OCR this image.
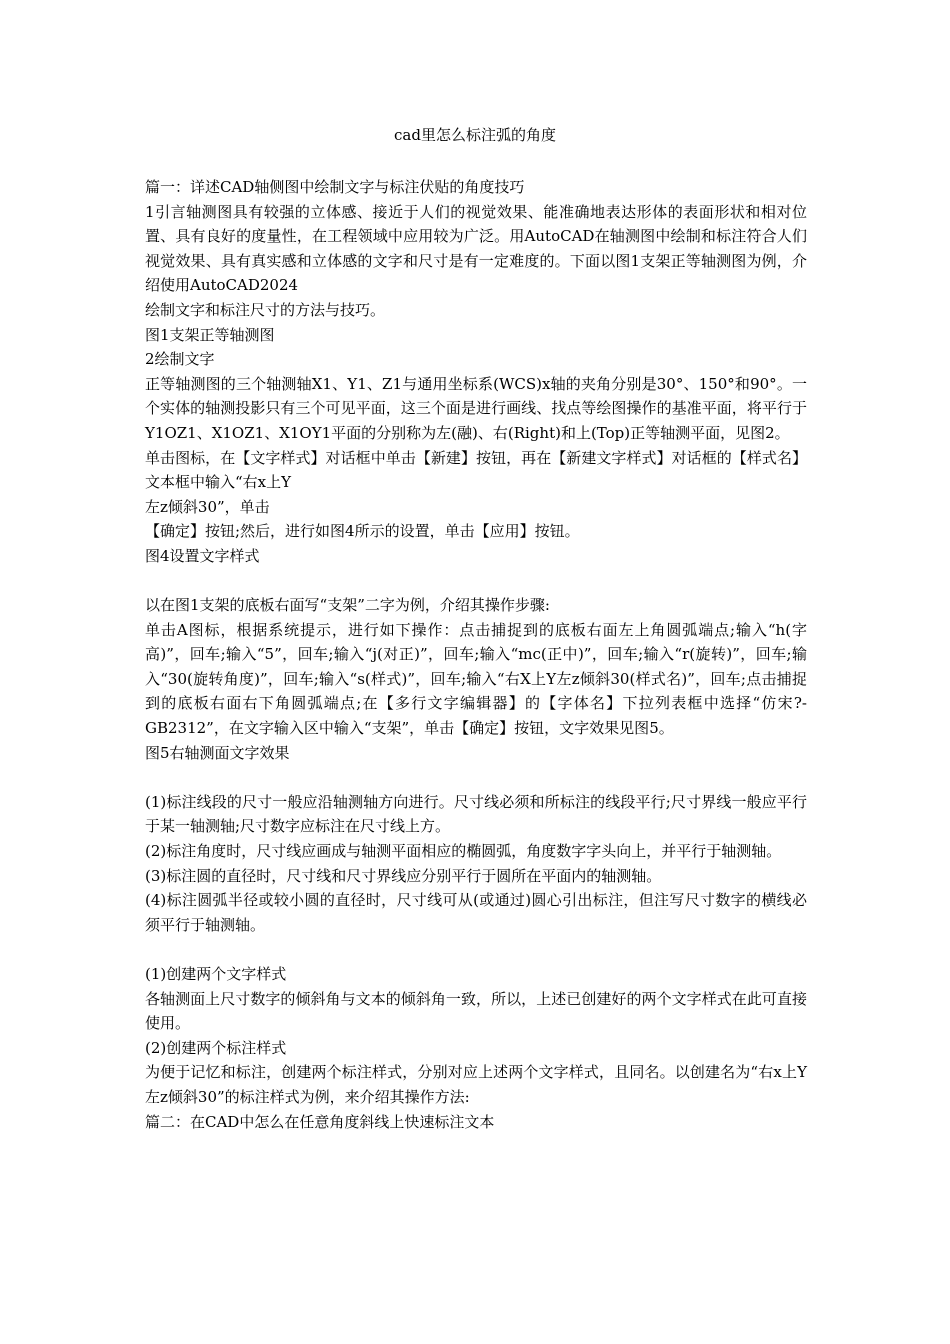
cad里怎么标注弧的角度

篇一：详述CAD轴侧图中绘制文字与标注伏贴的角度技巧

1引言轴测图具有较强的立体感、接近于人们的视觉效果、能准确地表达形体的表面形状和相对位置、具有良好的度量性，在工程领域中应用较为广泛。用AutoCAD在轴测图中绘制和标注符合人们视觉效果、具有真实感和立体感的文字和尺寸是有一定难度的。下面以图1支架正等轴测图为例，介绍使用AutoCAD2024

绘制文字和标注尺寸的方法与技巧。

图1支架正等轴测图

2绘制文字

正等轴测图的三个轴测轴X1、Y1、Z1与通用坐标系(WCS)x轴的夹角分别是30°、150°和90°。一个实体的轴测投影只有三个可见平面，这三个面是进行画线、找点等绘图操作的基准平面，将平行于Y1OZ1、X1OZ1、X1OY1平面的分别称为左(融)、右(Right)和上(Top)正等轴测平面，见图2。

单击图标，在【文字样式】对话框中单击【新建】按钮，再在【新建文字样式】对话框的【样式名】文本框中输入“右x上Y

左z倾斜30”，单击

【确定】按钮;然后，进行如图4所示的设置，单击【应用】按钮。

图4设置文字样式

以在图1支架的底板右面写“支架”二字为例，介绍其操作步骤:

单击A图标，根据系统提示，进行如下操作：点击捕捉到的底板右面左上角圆弧端点;输入“h(字高)”，回车;输入“5”，回车;输入“j(对正)”，回车;输入“mc(正中)”，回车;输入“r(旋转)”，回车;输入“30(旋转角度)”，回车;输入“s(样式)”，回车;输入“右X上Y左z倾斜30(样式名)”，回车;点击捕捉到的底板右面右下角圆弧端点;在【多行文字编辑器】的【字体名】下拉列表框中选择“仿宋?-GB2312”，在文字输入区中输入“支架”，单击【确定】按钮，文字效果见图5。

图5右轴测面文字效果

(1)标注线段的尺寸一般应沿轴测轴方向进行。尺寸线必须和所标注的线段平行;尺寸界线一般应平行于某一轴测轴;尺寸数字应标注在尺寸线上方。

(2)标注角度时，尺寸线应画成与轴测平面相应的椭圆弧，角度数字字头向上，并平行于轴测轴。

(3)标注圆的直径时，尺寸线和尺寸界线应分别平行于圆所在平面内的轴测轴。

(4)标注圆弧半径或较小圆的直径时，尺寸线可从(或通过)圆心引出标注，但注写尺寸数字的横线必须平行于轴测轴。

(1)创建两个文字样式

各轴测面上尺寸数字的倾斜角与文本的倾斜角一致，所以，上述已创建好的两个文字样式在此可直接使用。

(2)创建两个标注样式

为便于记忆和标注，创建两个标注样式，分别对应上述两个文字样式，且同名。以创建名为“右x上Y左z倾斜30”的标注样式为例，来介绍其操作方法:

篇二：在CAD中怎么在任意角度斜线上快速标注文本
